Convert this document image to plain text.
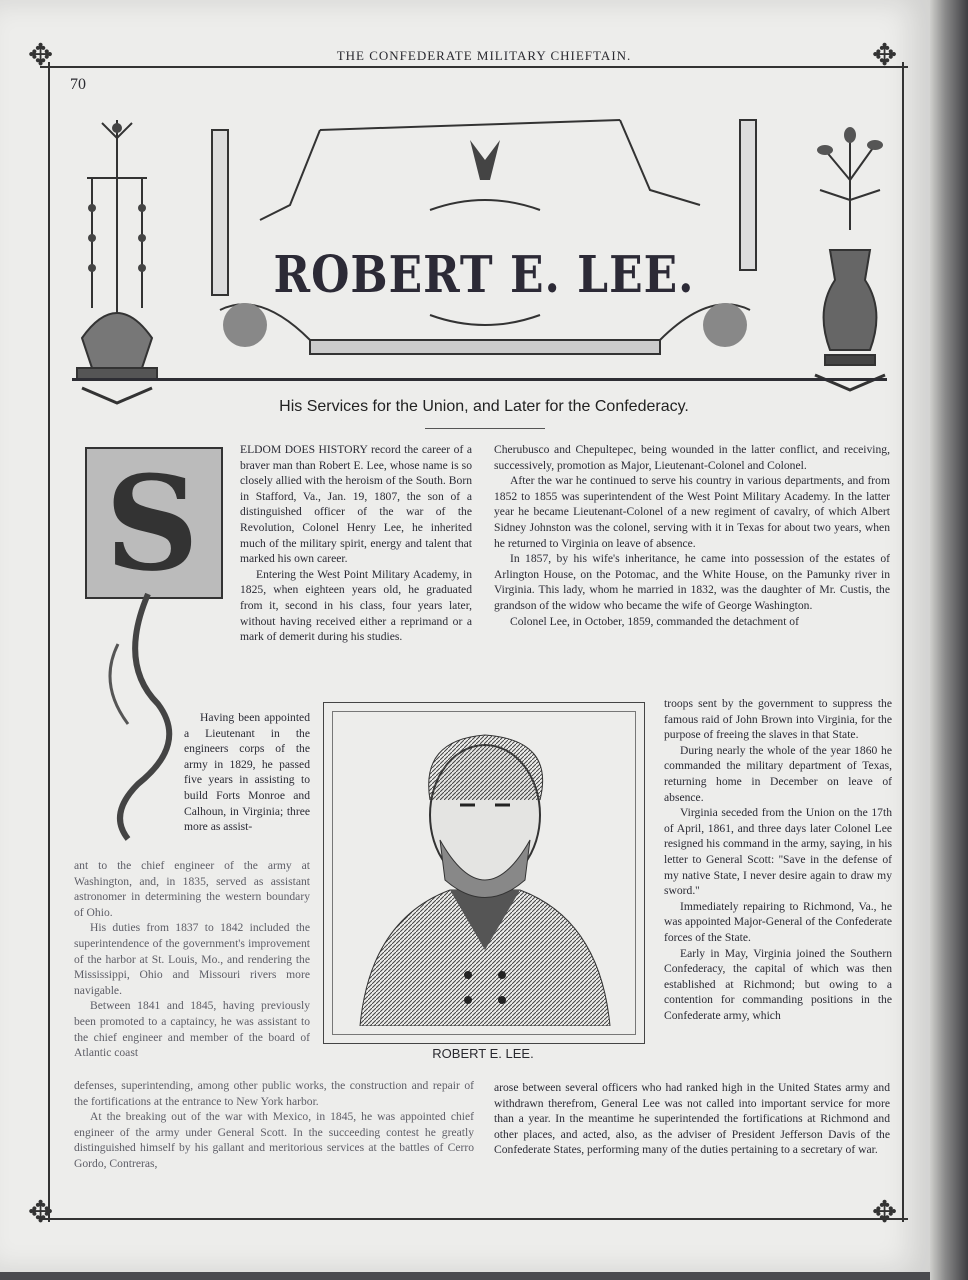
✥	✥
✥	✥
THE CONFEDERATE MILITARY CHIEFTAIN.
70
ROBERT E. LEE.
His Services for the Union, and Later for the Confederacy.
S	ELDOM DOES HISTORY record the career of a braver man than Robert E. Lee, whose name is so closely allied with the heroism of the South. Born in Stafford, Va., Jan. 19, 1807, the son of a distinguished officer of the war of the Revolution, Colonel Henry Lee, he inherited much of the military spirit, energy and talent that marked his own career.

Entering the West Point Military Academy, in 1825, when eighteen years old, he graduated from it, second in his class, four years later, without having received either a reprimand or a mark of demerit during his studies.

Having been appointed a Lieutenant in the engineers corps of the army in 1829, he passed five years in assisting to build Forts Monroe and Calhoun, in Virginia; three more as assist-

ant to the chief engineer of the army at Washington, and, in 1835, served as assistant astronomer in determining the western boundary of Ohio.

His duties from 1837 to 1842 included the superintendence of the government's improvement of the harbor at St. Louis, Mo., and rendering the Mississippi, Ohio and Missouri rivers more navigable.

Between 1841 and 1845, having previously been promoted to a captaincy, he was assistant to the chief engineer and member of the board of Atlantic coast

defenses, superintending, among other public works, the construction and repair of the fortifications at the entrance to New York harbor.

At the breaking out of the war with Mexico, in 1845, he was appointed chief engineer of the army under General Scott. In the succeeding contest he greatly distinguished himself by his gallant and meritorious services at the battles of Cerro Gordo, Contreras,

Cherubusco and Chepultepec, being wounded in the latter conflict, and receiving, successively, promotion as Major, Lieutenant-Colonel and Colonel.

After the war he continued to serve his country in various departments, and from 1852 to 1855 was superintendent of the West Point Military Academy. In the latter year he became Lieutenant-Colonel of a new regiment of cavalry, of which Albert Sidney Johnston was the colonel, serving with it in Texas for about two years, when he returned to Virginia on leave of absence.

In 1857, by his wife's inheritance, he came into possession of the estates of Arlington House, on the Potomac, and the White House, on the Pamunky river in Virginia. This lady, whom he married in 1832, was the daughter of Mr. Custis, the grandson of the widow who became the wife of George Washington.

Colonel Lee, in October, 1859, commanded the detachment of

troops sent by the government to suppress the famous raid of John Brown into Virginia, for the purpose of freeing the slaves in that State.

During nearly the whole of the year 1860 he commanded the military department of Texas, returning home in December on leave of absence.

Virginia seceded from the Union on the 17th of April, 1861, and three days later Colonel Lee resigned his command in the army, saying, in his letter to General Scott: ''Save in the defense of my native State, I never desire again to draw my sword.''

Immediately repairing to Richmond, Va., he was appointed Major-General of the Confederate forces of the State.

Early in May, Virginia joined the Southern Confederacy, the capital of which was then established at Richmond; but owing to a contention for commanding positions in the Confederate army, which

arose between several officers who had ranked high in the United States army and withdrawn therefrom, General Lee was not called into important service for more than a year. In the meantime he superintended the fortifications at Richmond and other places, and acted, also, as the adviser of President Jefferson Davis of the Confederate States, performing many of the duties pertaining to a secretary of war.

ROBERT E. LEE.
